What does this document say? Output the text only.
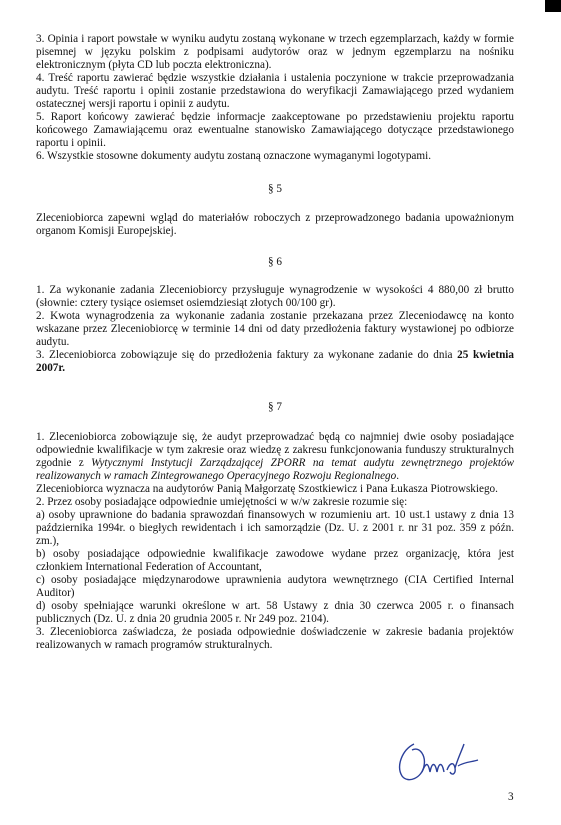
3. Opinia i raport powstałe w wyniku audytu zostaną wykonane w trzech egzemplarzach, każdy w formie pisemnej w języku polskim z podpisami audytorów oraz w jednym egzemplarzu na nośniku elektronicznym (płyta CD lub poczta elektroniczna).

4. Treść raportu zawierać będzie wszystkie działania i ustalenia poczynione w trakcie przeprowadzania audytu. Treść raportu i opinii zostanie przedstawiona do weryfikacji Zamawiającego przed wydaniem ostatecznej wersji raportu i opinii z audytu.

5. Raport końcowy zawierać będzie informacje zaakceptowane po przedstawieniu projektu raportu końcowego Zamawiającemu oraz ewentualne stanowisko Zamawiającego dotyczące przedstawionego raportu i opinii.

6. Wszystkie stosowne dokumenty audytu zostaną oznaczone wymaganymi logotypami.

§ 5

Zleceniobiorca zapewni wgląd do materiałów roboczych z przeprowadzonego badania upoważnionym organom Komisji Europejskiej.

§ 6

1. Za wykonanie zadania Zleceniobiorcy przysługuje wynagrodzenie w wysokości 4 880,00 zł brutto (słownie: cztery tysiące osiemset osiemdziesiąt złotych 00/100 gr).

2. Kwota wynagrodzenia za wykonanie zadania zostanie przekazana przez Zleceniodawcę na konto wskazane przez Zleceniobiorcę w terminie 14 dni od daty przedłożenia faktury wystawionej po odbiorze audytu.

3. Zleceniobiorca zobowiązuje się do przedłożenia faktury za wykonane zadanie do dnia 25 kwietnia 2007r.

§ 7

1. Zleceniobiorca zobowiązuje się, że audyt przeprowadzać będą co najmniej dwie osoby posiadające odpowiednie kwalifikacje w tym zakresie oraz wiedzę z zakresu funkcjonowania funduszy strukturalnych zgodnie z Wytycznymi Instytucji Zarządzającej ZPORR na temat audytu zewnętrznego projektów realizowanych w ramach Zintegrowanego Operacyjnego Rozwoju Regionalnego.

Zleceniobiorca wyznacza na audytorów Panią Małgorzatę Szostkiewicz i Pana Łukasza Piotrowskiego.

2. Przez osoby posiadające odpowiednie umiejętności w w/w zakresie rozumie się:

a) osoby uprawnione do badania sprawozdań finansowych w rozumieniu art. 10 ust.1 ustawy z dnia 13 października 1994r. o biegłych rewidentach i ich samorządzie (Dz. U. z 2001 r. nr 31 poz. 359 z późn. zm.),

b) osoby posiadające odpowiednie kwalifikacje zawodowe wydane przez organizację, która jest członkiem International Federation of Accountant,

c) osoby posiadające międzynarodowe uprawnienia audytora wewnętrznego (CIA Certified Internal Auditor)

d) osoby spełniające warunki określone w art. 58 Ustawy z dnia 30 czerwca 2005 r. o finansach publicznych (Dz. U. z dnia 20 grudnia 2005 r. Nr 249 poz. 2104).

3. Zleceniobiorca zaświadcza, że posiada odpowiednie doświadczenie w zakresie badania projektów realizowanych w ramach programów strukturalnych.

3
